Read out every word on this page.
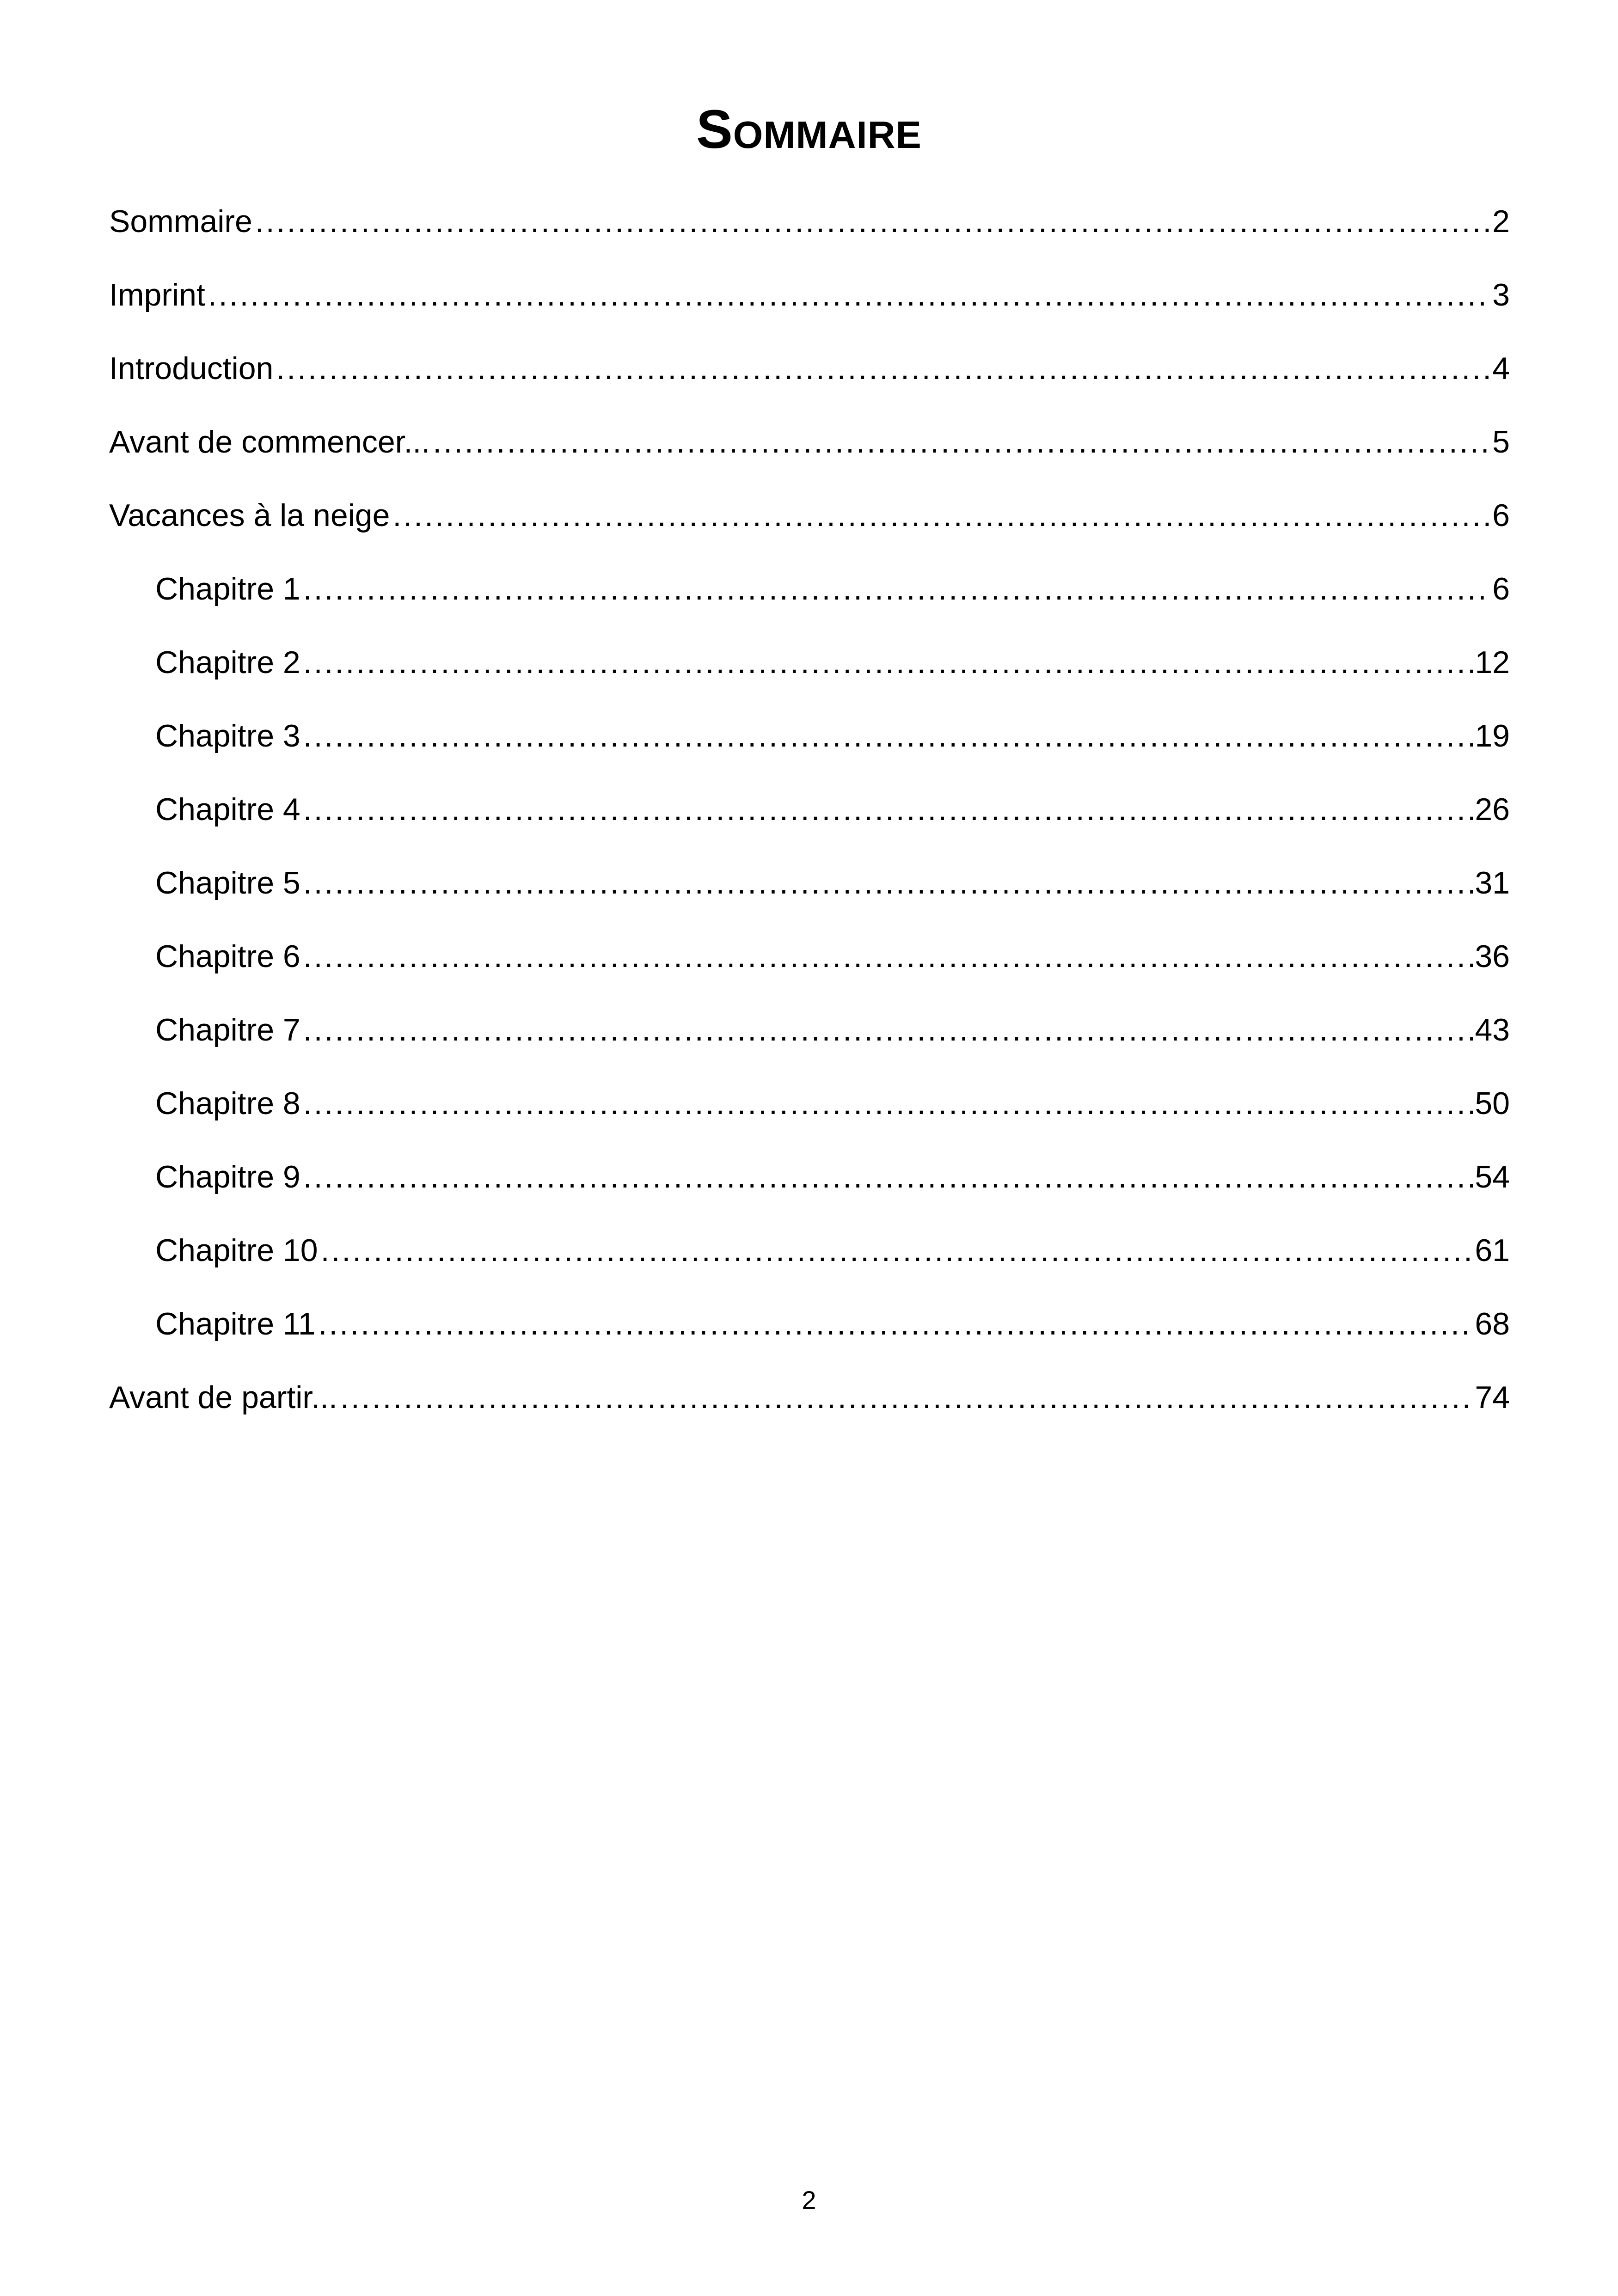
Sommaire
Sommaire .....	2
Imprint .....	3
Introduction .....	4
Avant de commencer... .....	5
Vacances à la neige .....	6
Chapitre 1 .....	6
Chapitre 2 .....	12
Chapitre 3 .....	19
Chapitre 4 .....	26
Chapitre 5 .....	31
Chapitre 6 .....	36
Chapitre 7 .....	43
Chapitre 8 .....	50
Chapitre 9 .....	54
Chapitre 10 .....	61
Chapitre 11 .....	68
Avant de partir... .....	74
2
